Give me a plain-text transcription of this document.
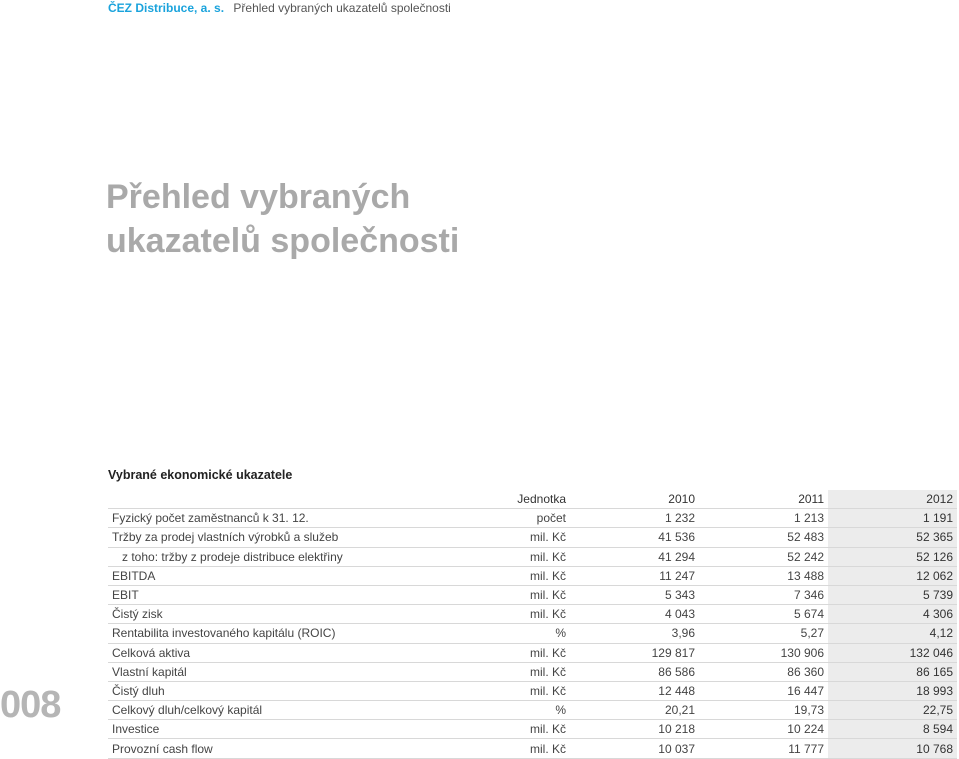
ČEZ Distribuce, a. s. Přehled vybraných ukazatelů společnosti
Přehled vybraných
ukazatelů společnosti
Vybrané ekonomické ukazatele
008
	Jednotka	2010	2011	2012
Fyzický počet zaměstnanců k 31. 12.	počet	1 232	1 213	1 191
Tržby za prodej vlastních výrobků a služeb	mil. Kč	41 536	52 483	52 365
z toho: tržby z prodeje distribuce elektřiny	mil. Kč	41 294	52 242	52 126
EBITDA	mil. Kč	11 247	13 488	12 062
EBIT	mil. Kč	5 343	7 346	5 739
Čistý zisk	mil. Kč	4 043	5 674	4 306
Rentabilita investovaného kapitálu (ROIC)	%	3,96	5,27	4,12
Celková aktiva	mil. Kč	129 817	130 906	132 046
Vlastní kapitál	mil. Kč	86 586	86 360	86 165
Čistý dluh	mil. Kč	12 448	16 447	18 993
Celkový dluh/celkový kapitál	%	20,21	19,73	22,75
Investice	mil. Kč	10 218	10 224	8 594
Provozní cash flow	mil. Kč	10 037	11 777	10 768
